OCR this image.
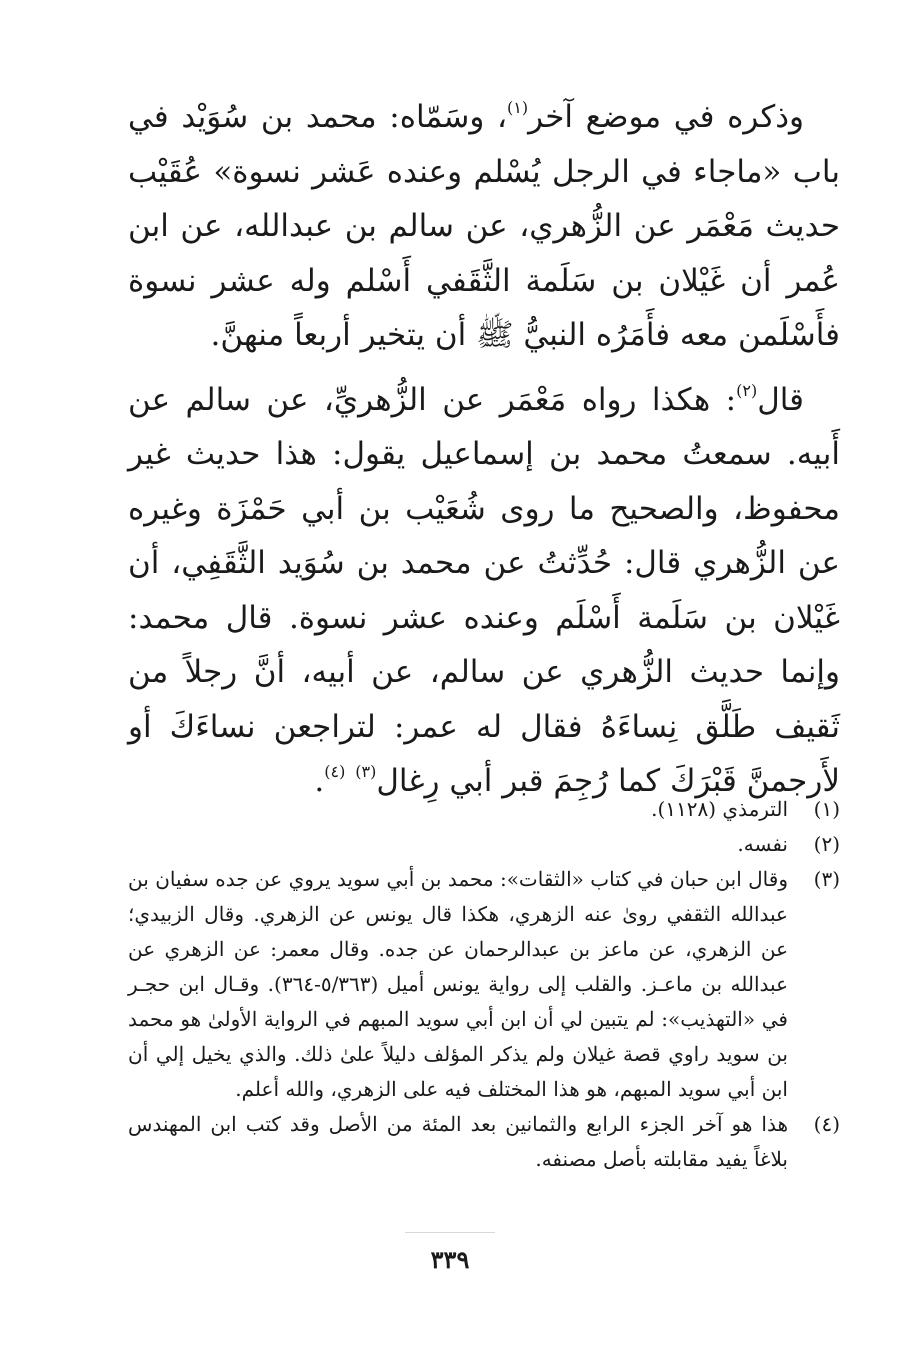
وذكره في موضع آخر$^{(١)}$، وسَمّاه: محمد بن سُوَيْد في باب «ماجاء في الرجل يُسْلم وعنده عَشر نسوة» عُقَيْب حديث مَعْمَر عن الزُّهري، عن سالم بن عبدالله، عن ابن عُمر أن غَيْلان بن سَلَمة الثَّقَفي أَسْلم وله عشر نسوة فأَسْلَمن معه فأَمَرُه النبيُّ ﷺ أن يتخير أربعاً منهنَّ.

قال$^{(٢)}$: هكذا رواه مَعْمَر عن الزُّهريِّ، عن سالم عن أَبيه. سمعتُ محمد بن إسماعيل يقول: هذا حديث غير محفوظ، والصحيح ما روى شُعَيْب بن أبي حَمْزَة وغيره عن الزُّهري قال: حُدِّثتُ عن محمد بن سُوَيد الثَّقَفِي، أن غَيْلان بن سَلَمة أَسْلَم وعنده عشر نسوة. قال محمد: وإنما حديث الزُّهري عن سالم، عن أبيه، أنَّ رجلاً من ثَقيف طَلَّق نِساءَهُ فقال له عمر: لتراجعن نساءَكَ أو لأَرجمنَّ قَبْرَكَ كما رُجِمَ قبر أبي رِغال$^{(٣)}$ $^{(٤)}$.

(١)
الترمذي (١١٢٨).
(٢)
نفسه.
(٣)
وقال ابن حبان في كتاب «الثقات»: محمد بن أبي سويد يروي عن جده سفيان بن عبدالله الثقفي روىٰ عنه الزهري، هكذا قال يونس عن الزهري. وقال الزبيدي؛ عن الزهري، عن ماعز بن عبدالرحمان عن جده. وقال معمر: عن الزهري عن عبدالله بن ماعـز. والقلب إلى رواية يونس أميل (٥/٣٦٣-٣٦٤). وقـال ابن حجـر في «التهذيب»: لم يتبين لي أن ابن أبي سويد المبهم في الرواية الأولىٰ هو محمد بن سويد راوي قصة غيلان ولم يذكر المؤلف دليلاً علىٰ ذلك. والذي يخيل إلي أن ابن أبي سويد المبهم، هو هذا المختلف فيه على الزهري، والله أعلم.
(٤)
هذا هو آخر الجزء الرابع والثمانين بعد المئة من الأصل وقد كتب ابن المهندس بلاغاً يفيد مقابلته بأصل مصنفه.
٣٣٩
